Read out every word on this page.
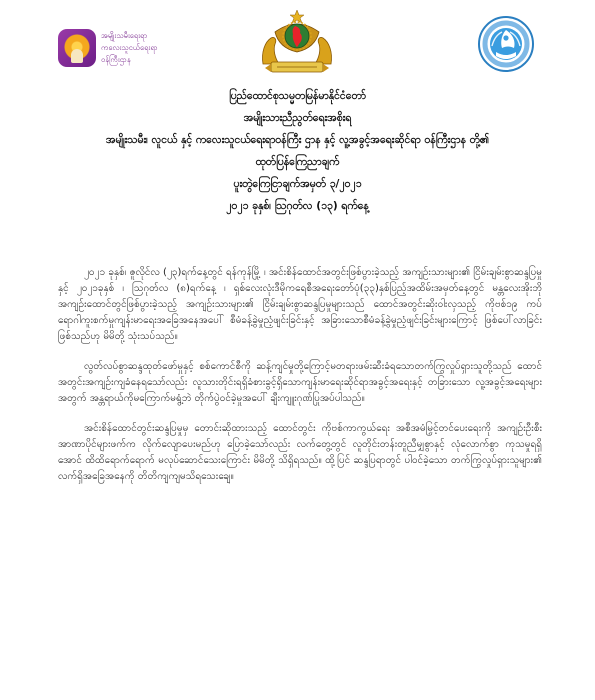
အမျိုးသမီးရေးရာ
ကလေးသူငယ်ရေးရာ
ဝန်ကြီးဌာန
ပြည်ထောင်စုသမ္မတမြန်မာနိုင်ငံတော်
အမျိုးသားညီညွတ်ရေးအစိုးရ
အမျိုးသမီး၊ လူငယ် နှင့် ကလေးသူငယ်ရေးရာဝန်ကြီး ဌာန နှင့် လူ့အခွင့်အရေးဆိုင်ရာ ဝန်ကြီးဌာန တို့၏
ထုတ်ပြန်ကြေညာချက်
ပူးတွဲကြေငြာချက်အမှတ် ၃/၂၀၂၁
၂၀၂၁ ခုနှစ်၊ ဩဂုတ်လ (၁၃) ရက်နေ့

၂၀၂၁ ခုနှစ်၊ ဇူလိုင်လ (၂၃)ရက်နေ့တွင် ရန်ကုန်မြို့ ၊ အင်းစိန်ထောင်အတွင်းဖြစ်ပွားခဲ့သည့် အကျဉ်းသားများ၏ ငြိမ်းချမ်းစွာဆန္ဒပြမှုနှင့် ၂၀၂၁ခုနှစ် ၊ ဩဂုတ်လ (၈)ရက်နေ့ ၊ ရှစ်လေးလုံးဒီမိုကရေစီအရေးတော်ပုံ(၃၃)နှစ်ပြည့်အထိမ်းအမှတ်နေ့တွင် မန္တလေးအိုးဘိုအကျဉ်းထောင်တွင်ဖြစ်ပွားခဲ့သည့် အကျဉ်းသားများ၏ ငြိမ်းချမ်းစွာဆန္ဒပြမှုများသည် ထောင်အတွင်းဆိုးဝါးလှသည့် ကိုဗစ်၁၉ ကပ်ရောဂါကူးစက်မှုကျန်းမာရေးအခြေအနေအပေါ် စီမံခန့်ခွဲမှုညံ့ဖျင်းခြင်းနှင့် အခြားသောစီမံခန့်ခွဲမှုညံ့ဖျင်းခြင်းများကြောင့် ဖြစ်ပေါ်လာခြင်းဖြစ်သည်ဟု မိမိတို့ သုံးသပ်သည်။

လွတ်လပ်စွာဆန္ဒထုတ်ဖော်မှုနှင့် စစ်ကောင်စီကို ဆန့်ကျင်မှုတို့ကြောင့်မတရားဖမ်းဆီးခံရသောတက်ကြွလှုပ်ရှားသူတို့သည် ထောင်အတွင်းအကျဉ်းကျခံနေရသော်လည်း လူသားတိုင်းရရှိခံစားခွင့်ရှိသောကျန်းမာရေးဆိုင်ရာအခွင့်အရေးနှင့် တခြားသော လူ့အခွင့်အရေးများအတွက် အန္တရာယ်ကိုမကြောက်မရွံ့ဘဲ တိုက်ပွဲဝင်ခဲ့မှုအပေါ် ချီးကျူးဂုဏ်ပြုအပ်ပါသည်။

အင်းစိန်ထောင်တွင်းဆန္ဒပြမှုမှ တောင်းဆိုထားသည့် ထောင်တွင်း ကိုဗစ်ကာကွယ်ရေး အစီအမံမြှင့်တင်ပေးရေးကို အကျဉ်းဦးစီးအာဏာပိုင်များဖက်က လိုက်လျောပေးမည်ဟု ပြောခဲ့သော်လည်း လက်တွေ့တွင် လူတိုင်းတန်းတူညီမျှစွာနှင့် လုံလောက်စွာ ကုသမှုရရှိအောင် ထိထိရောက်ရောက် မလုပ်ဆောင်သေးကြောင်း မိမိတို့ သိရှိရသည်။ ထို့ပြင် ဆန္ဒပြရာတွင် ပါဝင်ခဲ့သော တက်ကြွလှုပ်ရှားသူများ၏ လက်ရှိအခြေအနေကို တိတိကျကျမသိရသေးချေ။
